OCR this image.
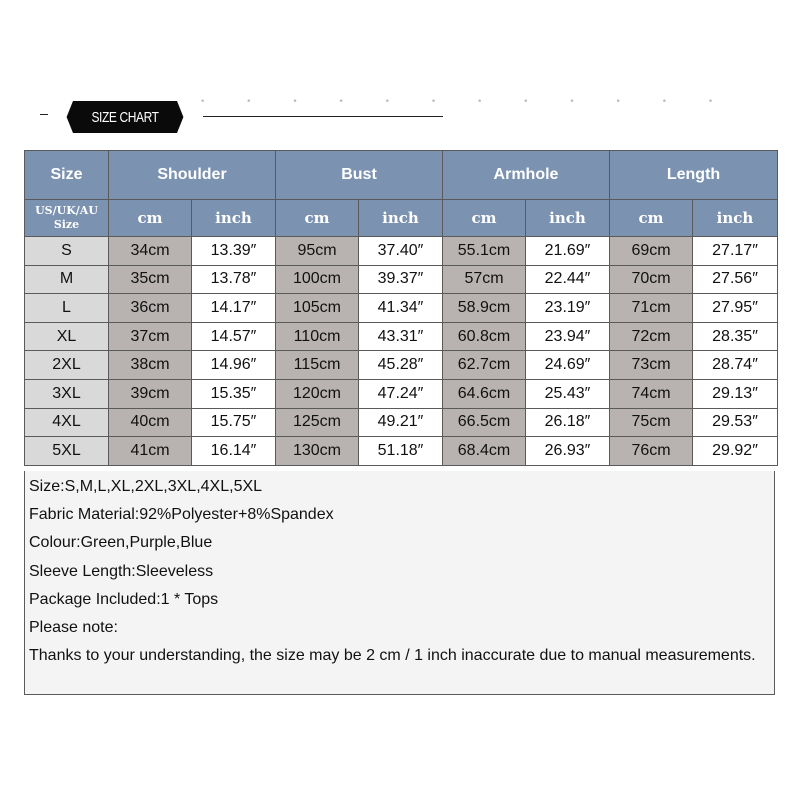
• • • • • • • • • • • •
SIZE CHART
Size	Shoulder		Bust		Armhole		Length	
US/UK/AU
Size	cm	inch	cm	inch	cm	inch	cm	inch
S	34cm	13.39″	95cm	37.40″	55.1cm	21.69″	69cm	27.17″
M	35cm	13.78″	100cm	39.37″	57cm	22.44″	70cm	27.56″
L	36cm	14.17″	105cm	41.34″	58.9cm	23.19″	71cm	27.95″
XL	37cm	14.57″	110cm	43.31″	60.8cm	23.94″	72cm	28.35″
2XL	38cm	14.96″	115cm	45.28″	62.7cm	24.69″	73cm	28.74″
3XL	39cm	15.35″	120cm	47.24″	64.6cm	25.43″	74cm	29.13″
4XL	40cm	15.75″	125cm	49.21″	66.5cm	26.18″	75cm	29.53″
5XL	41cm	16.14″	130cm	51.18″	68.4cm	26.93″	76cm	29.92″
Size:S,M,L,XL,2XL,3XL,4XL,5XL
Fabric Material:92%Polyester+8%Spandex
Colour:Green,Purple,Blue
Sleeve Length:Sleeveless
Package Included:1 * Tops
Please note:
Thanks to your understanding, the size may be 2 cm / 1 inch inaccurate due to manual measurements.
